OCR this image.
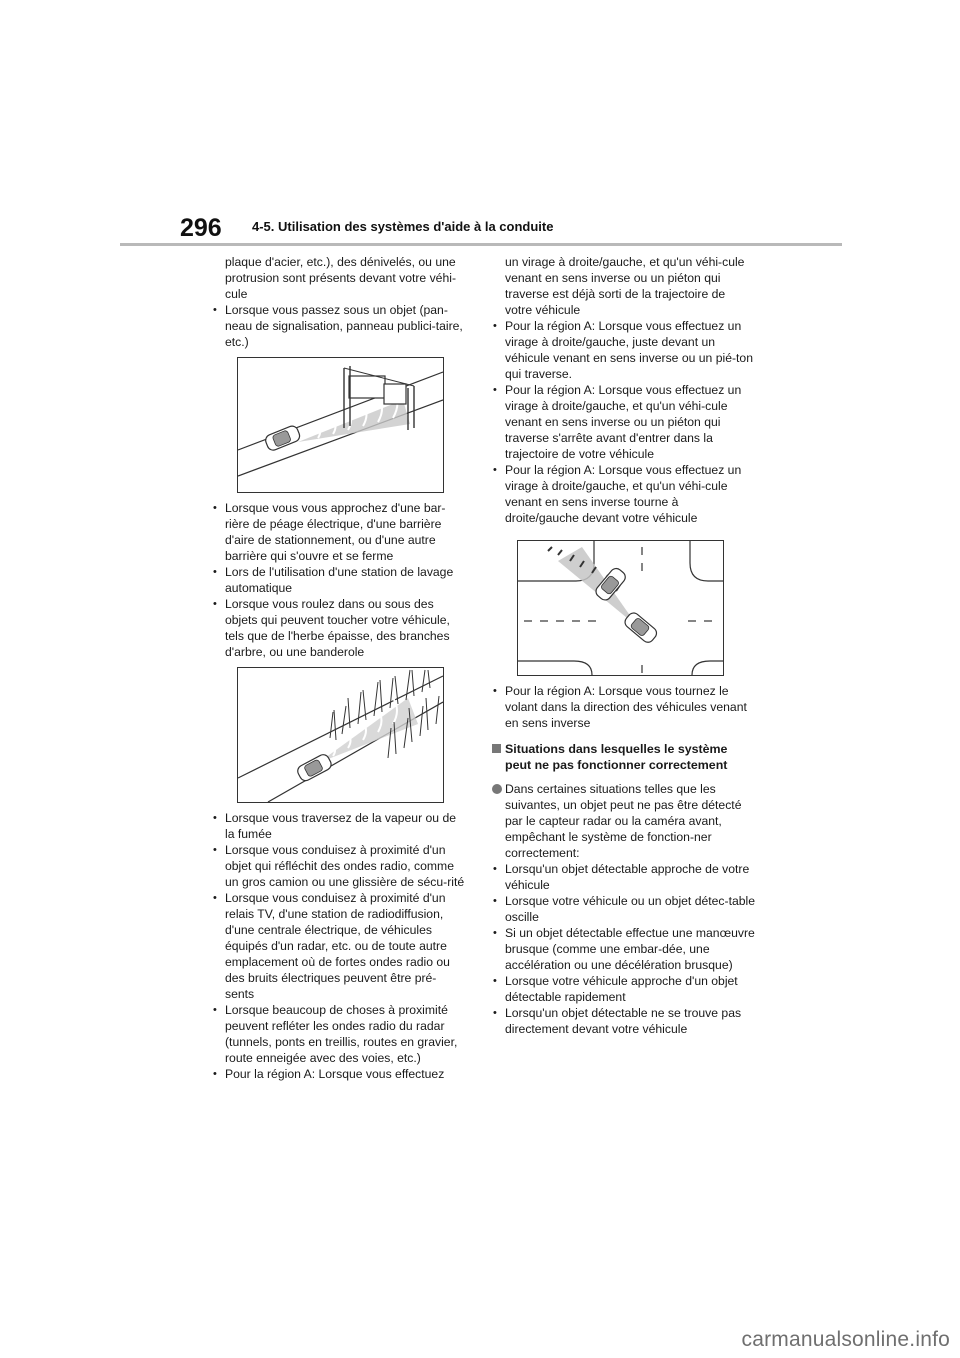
296 4-5. Utilisation des systèmes d'aide à la conduite

plaque d'acier, etc.), des dénivelés, ou une protrusion sont présents devant votre véhi-cule

• Lorsque vous passez sous un objet (pan-neau de signalisation, panneau publici-taire, etc.)
• Lorsque vous vous approchez d'une bar-rière de péage électrique, d'une barrière d'aire de stationnement, ou d'une autre barrière qui s'ouvre et se ferme
• Lors de l'utilisation d'une station de lavage automatique
• Lorsque vous roulez dans ou sous des objets qui peuvent toucher votre véhicule, tels que de l'herbe épaisse, des branches d'arbre, ou une banderole
• Lorsque vous traversez de la vapeur ou de la fumée
• Lorsque vous conduisez à proximité d'un objet qui réfléchit des ondes radio, comme un gros camion ou une glissière de sécu-rité
• Lorsque vous conduisez à proximité d'un relais TV, d'une station de radiodiffusion, d'une centrale électrique, de véhicules équipés d'un radar, etc. ou de toute autre emplacement où de fortes ondes radio ou des bruits électriques peuvent être pré-sents
• Lorsque beaucoup de choses à proximité peuvent refléter les ondes radio du radar (tunnels, ponts en treillis, routes en gravier, route enneigée avec des voies, etc.)
• Pour la région A: Lorsque vous effectuez

un virage à droite/gauche, et qu'un véhi-cule venant en sens inverse ou un piéton qui traverse est déjà sorti de la trajectoire de votre véhicule

• Pour la région A: Lorsque vous effectuez un virage à droite/gauche, juste devant un véhicule venant en sens inverse ou un pié-ton qui traverse.
• Pour la région A: Lorsque vous effectuez un virage à droite/gauche, et qu'un véhi-cule venant en sens inverse ou un piéton qui traverse s'arrête avant d'entrer dans la trajectoire de votre véhicule
• Pour la région A: Lorsque vous effectuez un virage à droite/gauche, et qu'un véhi-cule venant en sens inverse tourne à droite/gauche devant votre véhicule
• Pour la région A: Lorsque vous tournez le volant dans la direction des véhicules venant en sens inverse
Situations dans lesquelles le système peut ne pas fonctionner correctement
Dans certaines situations telles que les suivantes, un objet peut ne pas être détecté par le capteur radar ou la caméra avant, empêchant le système de fonction-ner correctement:
• Lorsqu'un objet détectable approche de votre véhicule
• Lorsque votre véhicule ou un objet détec-table oscille
• Si un objet détectable effectue une manœuvre brusque (comme une embar-dée, une accélération ou une décélération brusque)
• Lorsque votre véhicule approche d'un objet détectable rapidement
• Lorsqu'un objet détectable ne se trouve pas directement devant votre véhicule
carmanualsonline.info
